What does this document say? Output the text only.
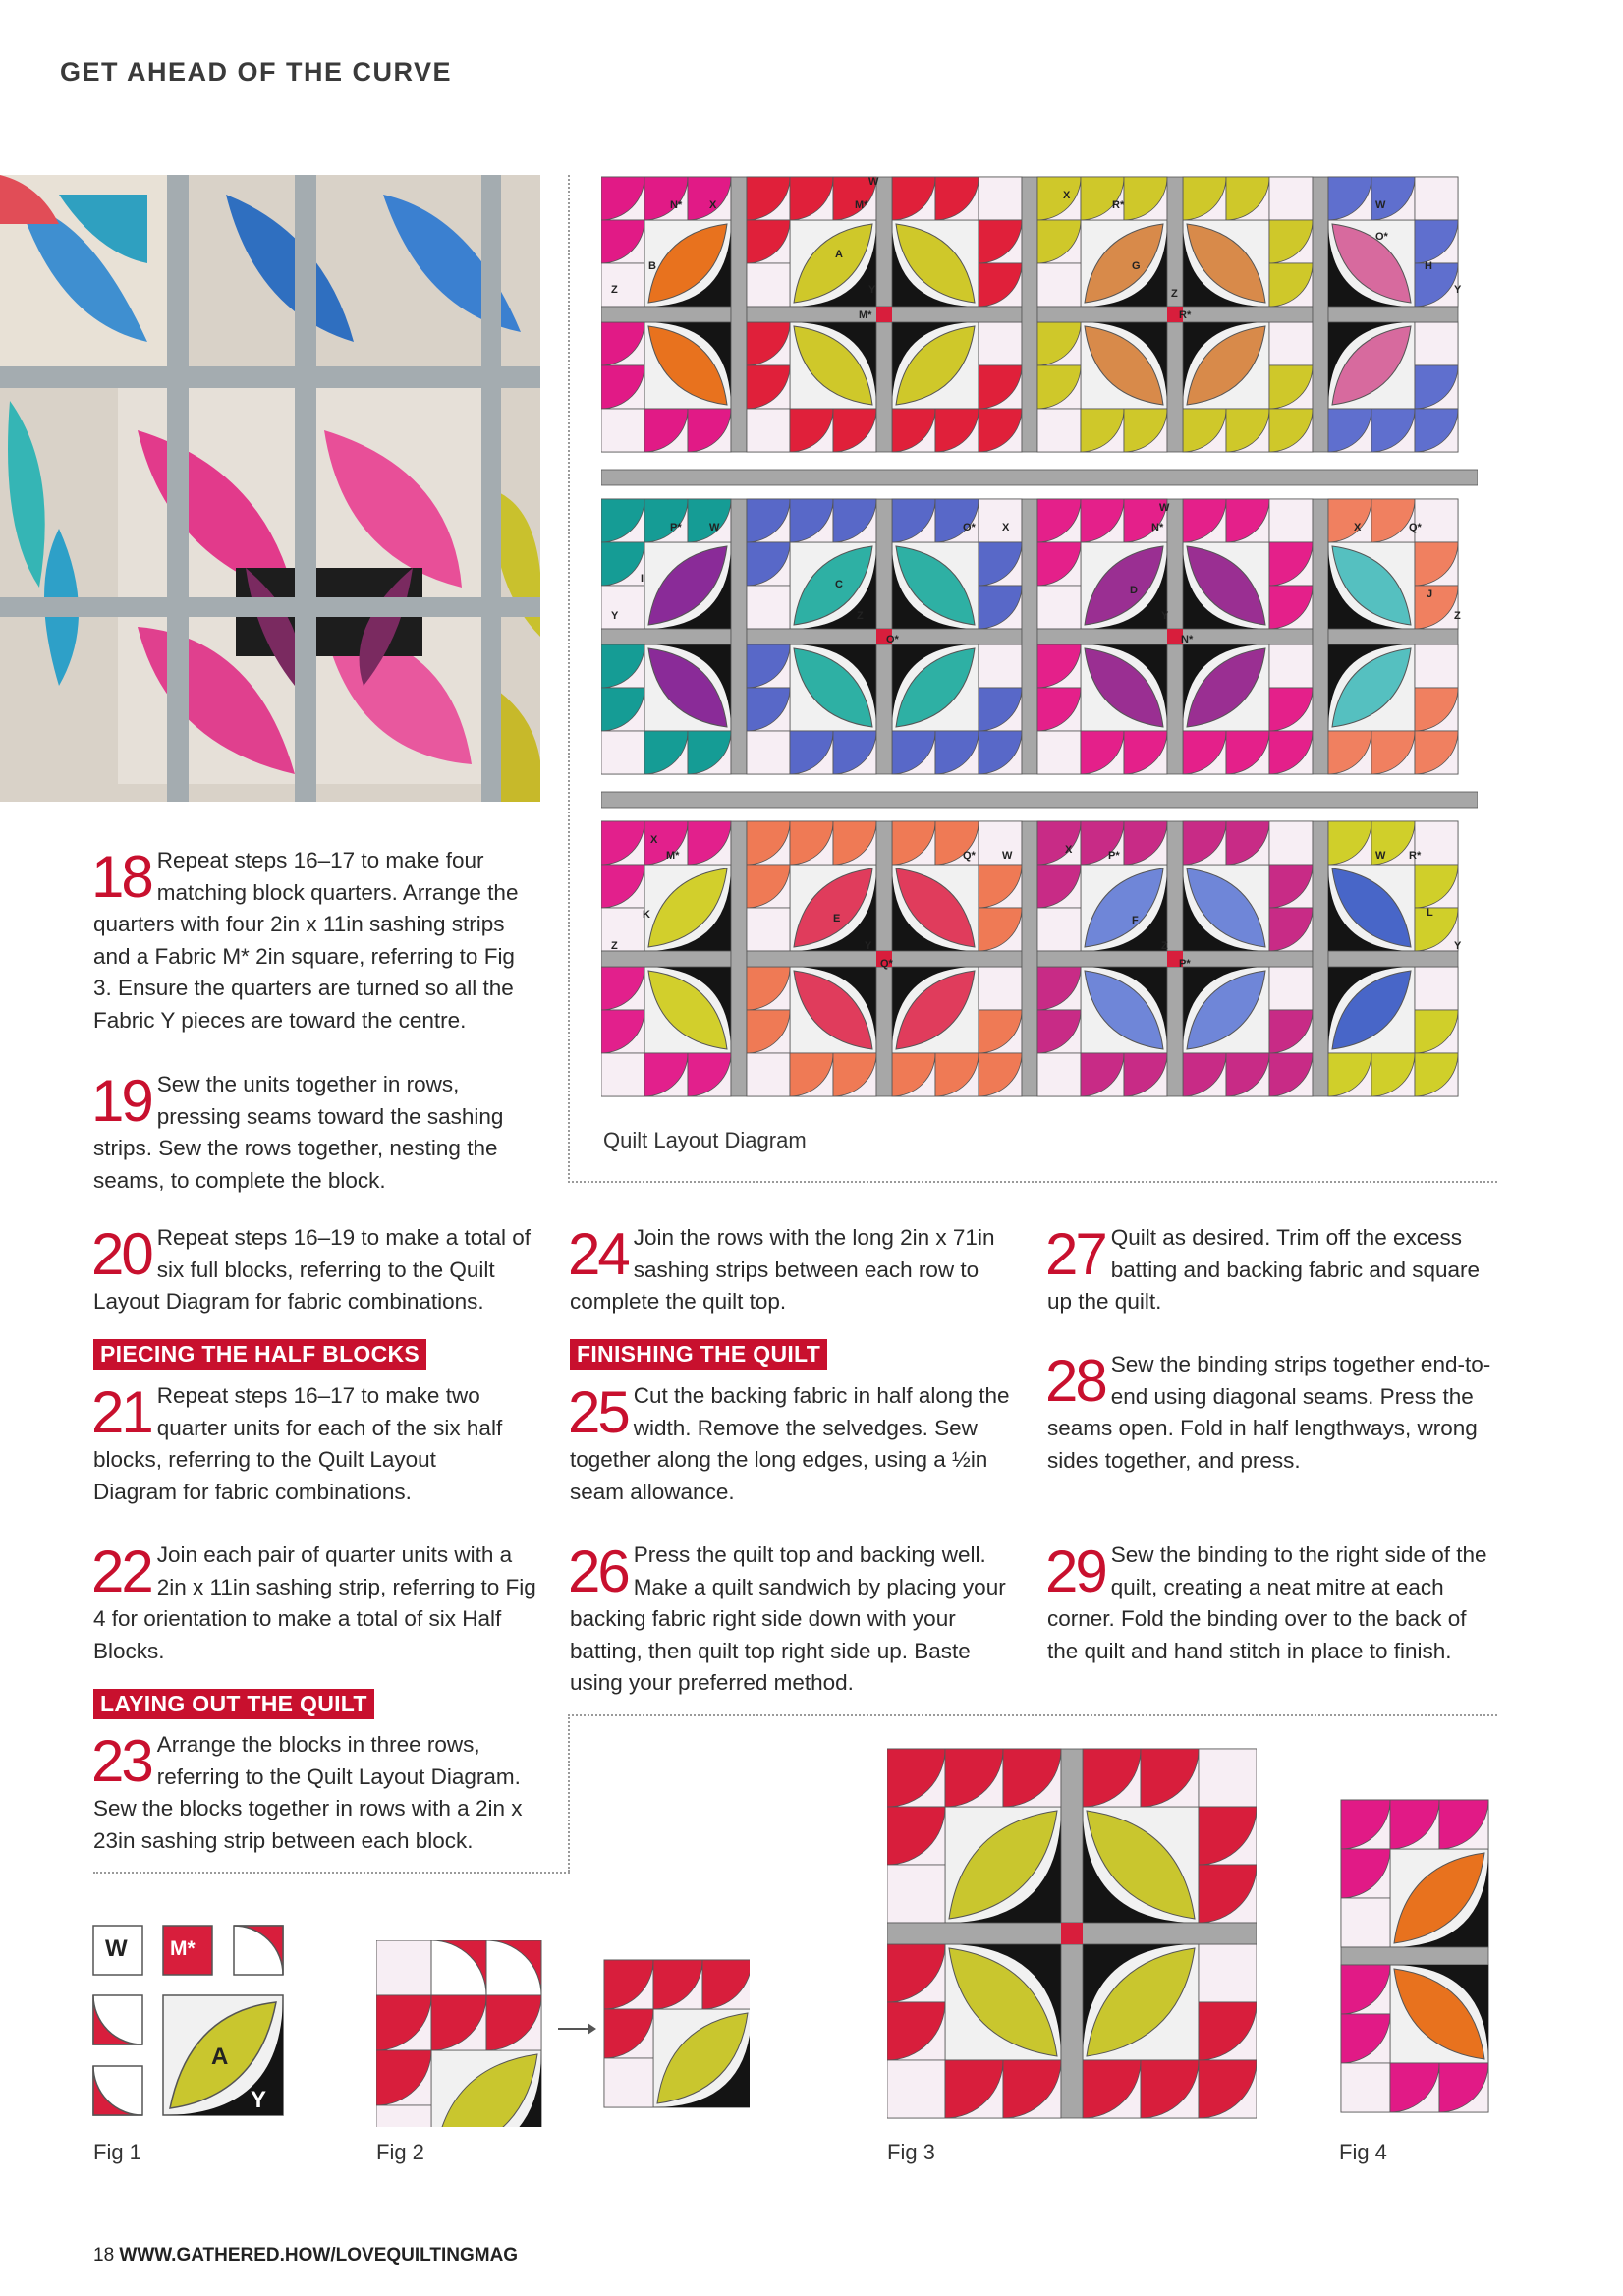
GET AHEAD OF THE CURVE
N*	X	M*
W
X
R*	W
O*
Z
B
A
Y
M*
G
Z
R*
H
Y
P*	W	O* X	N*
W
X	Q*
I	C	D	J
Y	Z
O*
Y
N*
Z
X
M*	Q* W	X	P*	W R*
K	E	F
L
Z	Y
Q*
Z
P*
Y
Quilt Layout Diagram
18 Repeat steps 16–17 to make four matching block quarters. Arrange the quarters with four 2in x 11in sashing strips and a Fabric M* 2in square, referring to Fig 3. Ensure the quarters are turned so all the Fabric Y pieces are toward the centre.
19 Sew the units together in rows, pressing seams toward the sashing strips. Sew the rows together, nesting the seams, to complete the block.
20 Repeat steps 16–19 to make a total of six full blocks, referring to the Quilt Layout Diagram for fabric combinations.
PIECING THE HALF BLOCKS
21 Repeat steps 16–17 to make two quarter units for each of the six half blocks, referring to the Quilt Layout Diagram for fabric combinations.
22 Join each pair of quarter units with a 2in x 11in sashing strip, referring to Fig 4 for orientation to make a total of six Half Blocks.
LAYING OUT THE QUILT
23 Arrange the blocks in three rows, referring to the Quilt Layout Diagram. Sew the blocks together in rows with a 2in x 23in sashing strip between each block.
24 Join the rows with the long 2in x 71in sashing strips between each row to complete the quilt top.
FINISHING THE QUILT
25 Cut the backing fabric in half along the width. Remove the selvedges. Sew together along the long edges, using a ½in seam allowance.
26 Press the quilt top and backing well. Make a quilt sandwich by placing your backing fabric right side down with your batting, then quilt top right side up. Baste using your preferred method.
27 Quilt as desired. Trim off the excess batting and backing fabric and square up the quilt.
28 Sew the binding strips together end-to-end using diagonal seams. Press the seams open. Fold in half lengthways, wrong sides together, and press.
29 Sew the binding to the right side of the quilt, creating a neat mitre at each corner. Fold the binding over to the back of the quilt and hand stitch in place to finish.
W M*
A
Y
Fig 1	Fig 2	Fig 3	Fig 4
18 WWW.GATHERED.HOW/LOVEQUILTINGMAG
